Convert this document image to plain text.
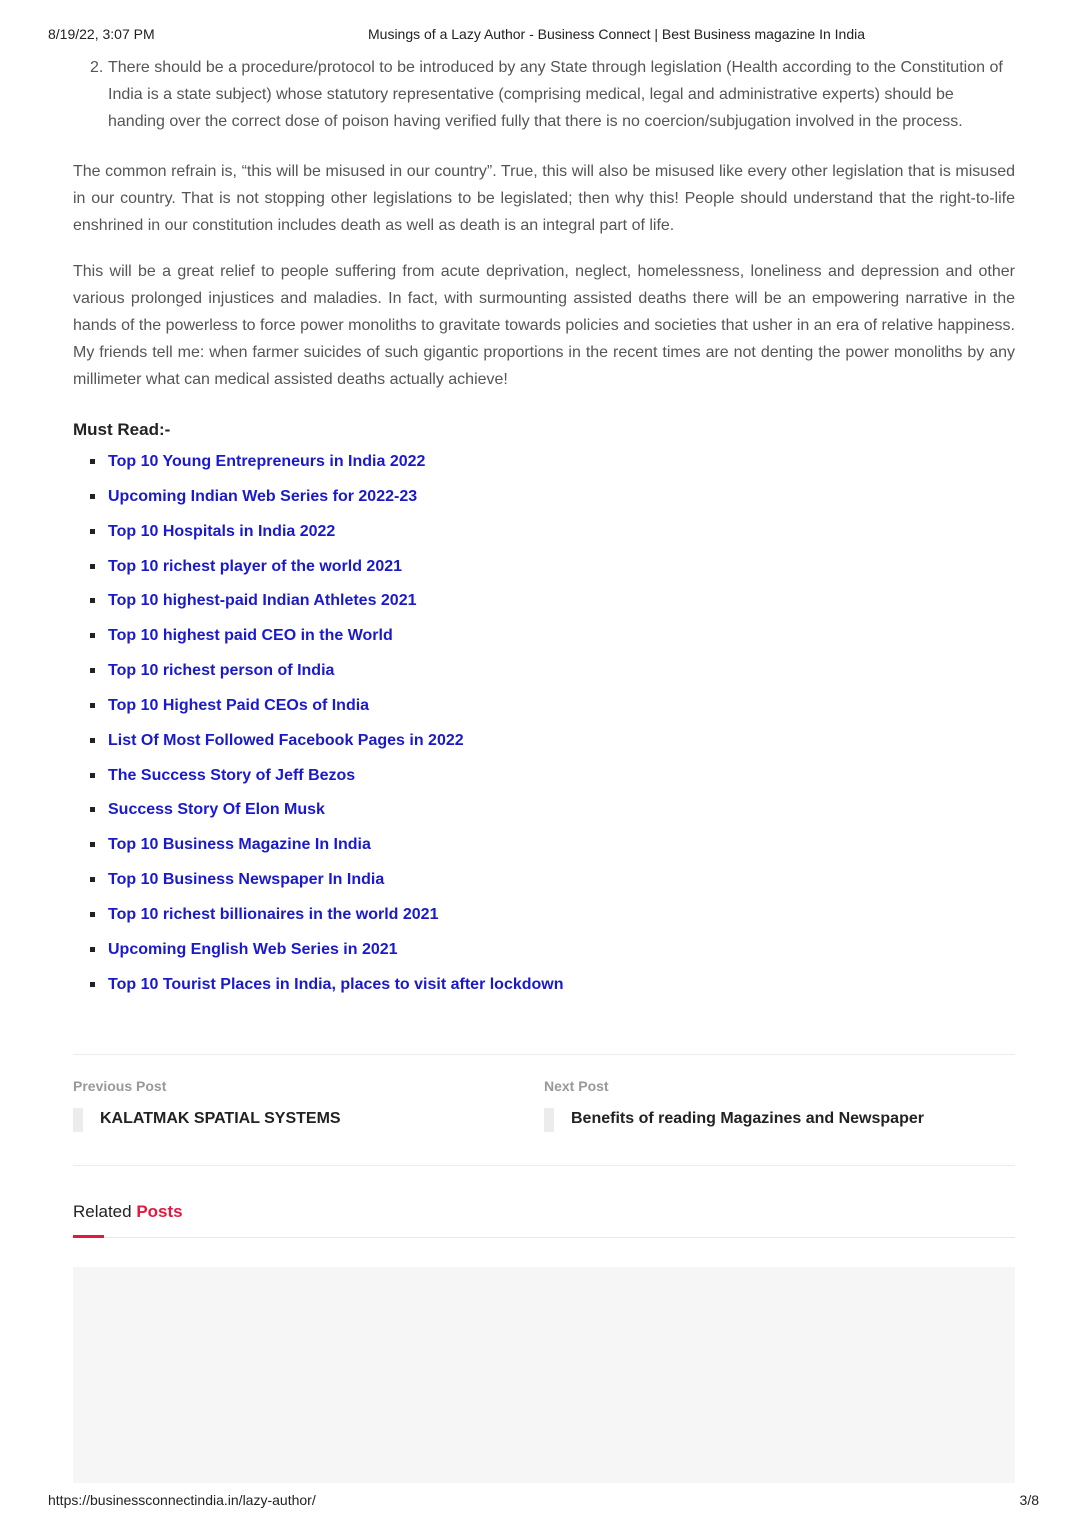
8/19/22, 3:07 PM	Musings of a Lazy Author - Business Connect | Best Business magazine In India
2. There should be a procedure/protocol to be introduced by any State through legislation (Health according to the Constitution of India is a state subject) whose statutory representative (comprising medical, legal and administrative experts) should be handing over the correct dose of poison having verified fully that there is no coercion/subjugation involved in the process.

The common refrain is, “this will be misused in our country”. True, this will also be misused like every other legislation that is misused in our country. That is not stopping other legislations to be legislated; then why this! People should understand that the right-to-life enshrined in our constitution includes death as well as death is an integral part of life.

This will be a great relief to people suffering from acute deprivation, neglect, homelessness, loneliness and depression and other various prolonged injustices and maladies. In fact, with surmounting assisted deaths there will be an empowering narrative in the hands of the powerless to force power monoliths to gravitate towards policies and societies that usher in an era of relative happiness. My friends tell me: when farmer suicides of such gigantic proportions in the recent times are not denting the power monoliths by any millimeter what can medical assisted deaths actually achieve!

Must Read:-
Top 10 Young Entrepreneurs in India 2022
Upcoming Indian Web Series for 2022-23
Top 10 Hospitals in India 2022
Top 10 richest player of the world 2021
Top 10 highest-paid Indian Athletes 2021
Top 10 highest paid CEO in the World
Top 10 richest person of India
Top 10 Highest Paid CEOs of India
List Of Most Followed Facebook Pages in 2022
The Success Story of Jeff Bezos
Success Story Of Elon Musk
Top 10 Business Magazine In India
Top 10 Business Newspaper In India
Top 10 richest billionaires in the world 2021
Upcoming English Web Series in 2021
Top 10 Tourist Places in India, places to visit after lockdown
Previous Post
KALATMAK SPATIAL SYSTEMS
Next Post
Benefits of reading Magazines and Newspaper
Related Posts
https://businessconnectindia.in/lazy-author/	3/8
